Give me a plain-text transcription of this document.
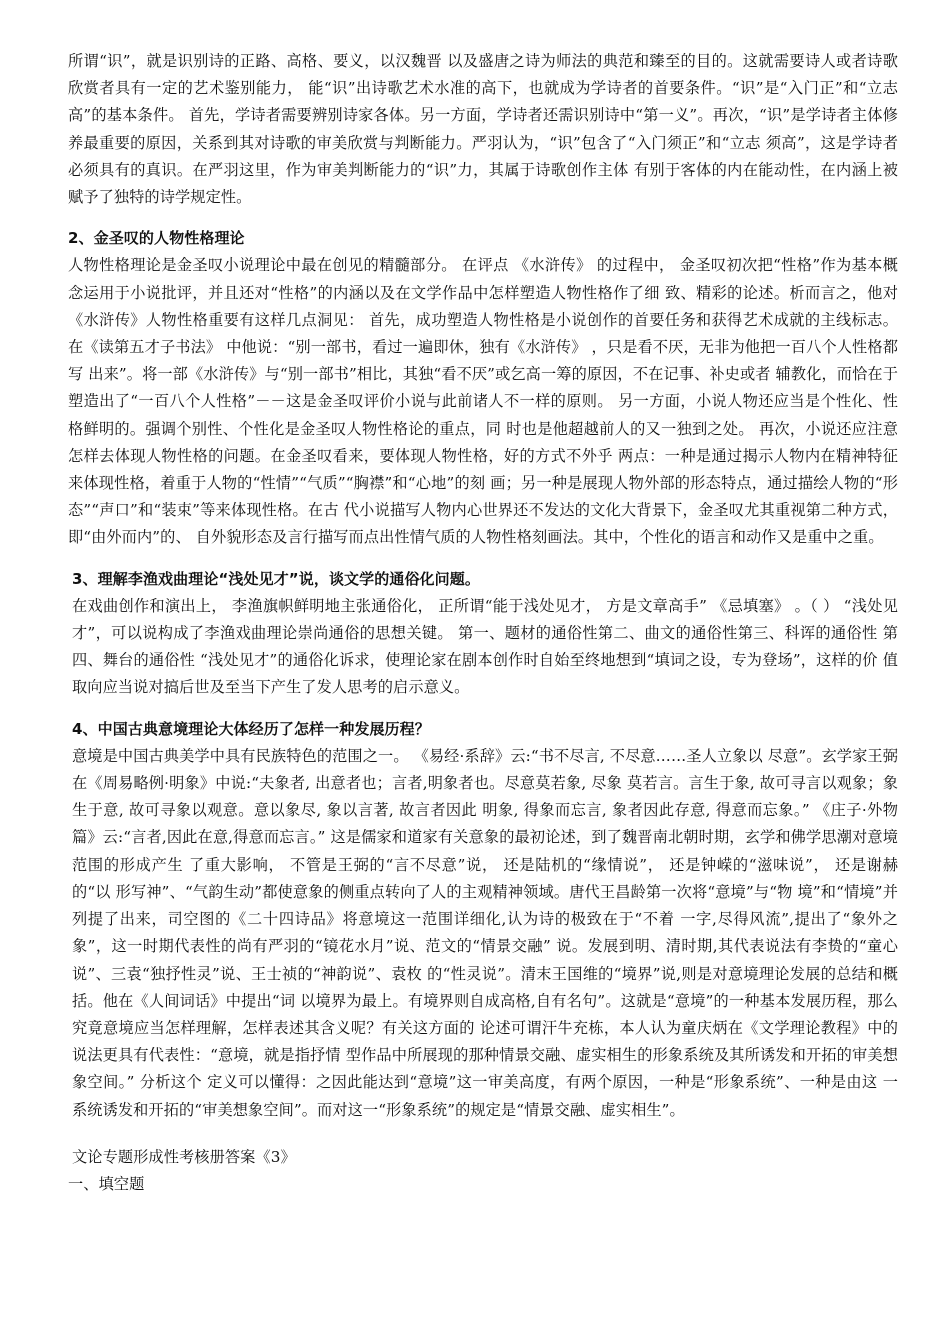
所谓“识”，就是识别诗的正路、高格、要义，以汉魏晋 以及盛唐之诗为师法的典范和臻至的目的。这就需要诗人或者诗歌欣赏者具有一定的艺术鉴别能力， 能“识”出诗歌艺术水准的高下，也就成为学诗者的首要条件。“识”是“入门正”和“立志高”的基本条件。 首先，学诗者需要辨别诗家各体。另一方面，学诗者还需识别诗中“第一义”。再次，“识”是学诗者主体修 养最重要的原因，关系到其对诗歌的审美欣赏与判断能力。严羽认为，“识”包含了“入门须正”和“立志 须高”，这是学诗者必须具有的真识。在严羽这里，作为审美判断能力的“识”力，其属于诗歌创作主体 有别于客体的内在能动性，在内涵上被赋予了独特的诗学规定性。

2、金圣叹的人物性格理论

人物性格理论是金圣叹小说理论中最在创见的精髓部分。 在评点 《水浒传》 的过程中， 金圣叹初次把“性格”作为基本概念运用于小说批评，并且还对“性格”的内涵以及在文学作品中怎样塑造人物性格作了细 致、精彩的论述。析而言之，他对《水浒传》人物性格重要有这样几点洞见： 首先，成功塑造人物性格是小说创作的首要任务和获得艺术成就的主线标志。在《读第五才子书法》 中他说：“别一部书，看过一遍即休，独有《水浒传》 ，只是看不厌，无非为他把一百八个人性格都写 出来”。将一部《水浒传》与“别一部书”相比，其独“看不厌”或乞高一筹的原因，不在记事、补史或者 辅教化，而恰在于塑造出了“一百八个人性格”－－这是金圣叹评价小说与此前诸人不一样的原则。 另一方面，小说人物还应当是个性化、性格鲜明的。强调个别性、个性化是金圣叹人物性格论的重点，同 时也是他超越前人的又一独到之处。 再次，小说还应注意怎样去体现人物性格的问题。在金圣叹看来，要体现人物性格，好的方式不外乎 两点：一种是通过揭示人物内在精神特征来体现性格，着重于人物的“性情”“气质”“胸襟”和“心地”的刻 画；另一种是展现人物外部的形态特点，通过描绘人物的“形态”“声口”和“装束”等来体现性格。在古 代小说描写人物内心世界还不发达的文化大背景下，金圣叹尤其重视第二种方式，即“由外而内”的、 自外貌形态及言行描写而点出性情气质的人物性格刻画法。其中，个性化的语言和动作又是重中之重。

3、理解李渔戏曲理论“浅处见才”说，谈文学的通俗化问题。

在戏曲创作和演出上， 李渔旗帜鲜明地主张通俗化， 正所谓“能于浅处见才， 方是文章高手” 《忌填塞》 。（ ） “浅处见才”，可以说构成了李渔戏曲理论崇尚通俗的思想关键。 第一、题材的通俗性第二、曲文的通俗性第三、科诨的通俗性 第四、舞台的通俗性 “浅处见才”的通俗化诉求，使理论家在剧本创作时自始至终地想到“填词之设，专为登场”，这样的价 值取向应当说对搞后世及至当下产生了发人思考的启示意义。

4、中国古典意境理论大体经历了怎样一种发展历程？

意境是中国古典美学中具有民族特色的范围之一。 《易经·系辞》云:“书不尽言, 不尽意……圣人立象以 尽意”。玄学家王弼在《周易略例·明象》中说:“夫象者, 出意者也；言者,明象者也。尽意莫若象, 尽象 莫若言。言生于象, 故可寻言以观象；象生于意, 故可寻象以观意。意以象尽, 象以言著, 故言者因此 明象, 得象而忘言, 象者因此存意, 得意而忘象。” 《庄子·外物篇》云:“言者,因此在意,得意而忘言。” 这是儒家和道家有关意象的最初论述，到了魏晋南北朝时期，玄学和佛学思潮对意境范围的形成产生 了重大影响， 不管是王弼的“言不尽意”说， 还是陆机的“缘情说”， 还是钟嵘的“滋味说”， 还是谢赫的“以 形写神”、“气韵生动”都使意象的侧重点转向了人的主观精神领域。唐代王昌龄第一次将“意境”与“物 境”和“情境”并列提了出来，司空图的《二十四诗品》将意境这一范围详细化,认为诗的极致在于“不着 一字,尽得风流”,提出了“象外之象”，这一时期代表性的尚有严羽的“镜花水月”说、范文的“情景交融” 说。发展到明、清时期,其代表说法有李贽的“童心说”、三袁“独抒性灵”说、王士祯的“神韵说”、袁枚 的“性灵说”。清末王国维的“境界”说,则是对意境理论发展的总结和概括。他在《人间词话》中提出“词 以境界为最上。有境界则自成高格,自有名句”。这就是“意境”的一种基本发展历程，那么究竟意境应当怎样理解，怎样表述其含义呢？有关这方面的 论述可谓汗牛充栋，本人认为童庆炳在《文学理论教程》中的说法更具有代表性：“意境，就是指抒情 型作品中所展现的那种情景交融、虚实相生的形象系统及其所诱发和开拓的审美想象空间。” 分析这个 定义可以懂得：之因此能达到“意境”这一审美高度，有两个原因，一种是“形象系统”、一种是由这 一系统诱发和开拓的“审美想象空间”。而对这一“形象系统”的规定是“情景交融、虚实相生”。

文论专题形成性考核册答案《3》

一、填空题
